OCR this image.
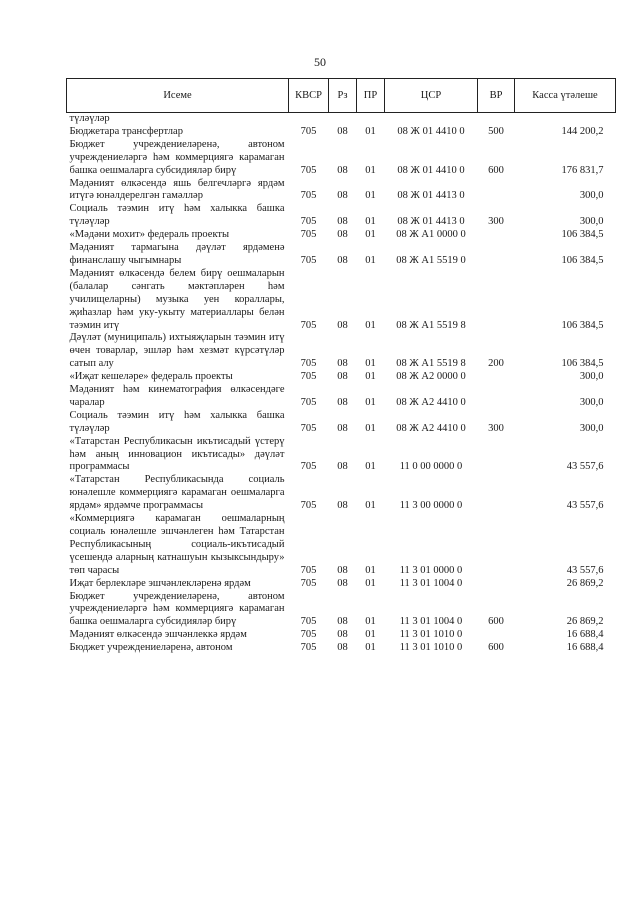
50
Исеме	КВСР	Рз	ПР	ЦСР	ВР	Касса үтәлеше
түләүләр						
Бюджетара трансфертлар	705	08	01	08 Ж 01 4410 0	500	144 200,2
Бюджет учреждениеләренә, автоном учреждениеләргә һәм коммерциягә карамаган башка оешмаларга субсидияләр бирү	705	08	01	08 Ж 01 4410 0	600	176 831,7
Мәдәният өлкәсендә яшь белгечләргә ярдәм итүгә юнәлдерелгән гамәлләр	705	08	01	08 Ж 01 4413 0		300,0
Социаль тәэмин итү һәм халыкка башка түләүләр	705	08	01	08 Ж 01 4413 0	300	300,0
«Мәдәни мохит» федераль проекты	705	08	01	08 Ж А1 0000 0		106 384,5
Мәдәният тармагына дәүләт ярдәменә финанслашу чыгымнары	705	08	01	08 Ж А1 5519 0		106 384,5
Мәдәният өлкәсендә белем бирү оешмаларын (балалар сәнгать мәктәпләрен һәм училищеларны) музыка уен кораллары, җиһазлар һәм уку-укыту материаллары белән тәэмин итү	705	08	01	08 Ж А1 5519 8		106 384,5
Дәүләт (муниципаль) ихтыяҗларын тәэмин итү өчен товарлар, эшләр һәм хезмәт күрсәтүләр сатып алу	705	08	01	08 Ж А1 5519 8	200	106 384,5
«Иҗат кешеләре» федераль проекты	705	08	01	08 Ж А2 0000 0		300,0
Мәдәният һәм кинематография өлкәсендәге чаралар	705	08	01	08 Ж А2 4410 0		300,0
Социаль тәэмин итү һәм халыкка башка түләүләр	705	08	01	08 Ж А2 4410 0	300	300,0
«Татарстан Республикасын икътисадый үстерү һәм аның инновацион икътисады» дәүләт программасы	705	08	01	11 0 00 0000 0		43 557,6
«Татарстан Республикасында социаль юнәлешле коммерциягә карамаган оешмаларга ярдәм» ярдәмче программасы	705	08	01	11 3 00 0000 0		43 557,6
«Коммерциягә карамаган оешмаларның социаль юнәлешле эшчәнлеген һәм Татарстан Республикасының социаль-икътисадый үсешендә аларның катнашуын кызыксындыру» төп чарасы	705	08	01	11 3 01 0000 0		43 557,6
Иҗат берлекләре эшчәнлекләренә ярдәм	705	08	01	11 3 01 1004 0		26 869,2
Бюджет учреждениеләренә, автоном учреждениеләргә һәм коммерциягә карамаган башка оешмаларга субсидияләр бирү	705	08	01	11 3 01 1004 0	600	26 869,2
Мәдәният өлкәсендә эшчәнлеккә ярдәм	705	08	01	11 3 01 1010 0		16 688,4
Бюджет учреждениеләренә, автоном	705	08	01	11 3 01 1010 0	600	16 688,4
